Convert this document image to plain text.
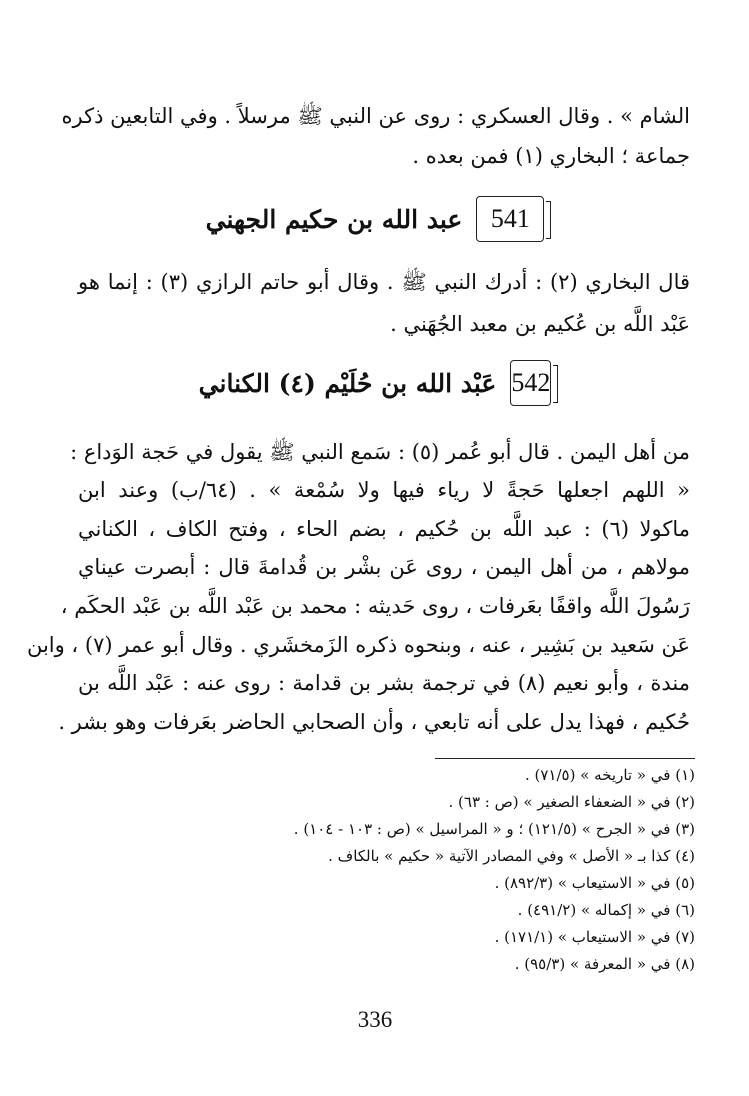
الشام » . وقال العسكري : روى عن النبي ﷺ مرسلاً . وفي التابعين ذكره
جماعة ؛ البخاري (١) فمن بعده .
541
عبد الله بن حكيم الجهني
قال البخاري (٢) : أدرك النبي ﷺ . وقال أبو حاتم الرازي (٣) : إنما هو
عَبْد اللَّه بن عُكيم بن معبد الجُهَني .
542
عَبْد الله بن حُلَيْم (٤) الكناني
من أهل اليمن . قال أبو عُمر (٥) : سَمع النبي ﷺ يقول في حَجة الوَداع :
« اللهم اجعلها حَجةً لا رياء فيها ولا سُمْعة » . (٦٤/ب) وعند ابن
ماكولا (٦) : عبد اللَّه بن حُكيم ، بضم الحاء ، وفتح الكاف ، الكناني
مولاهم ، من أهل اليمن ، روى عَن بشْر بن قُدامةَ قال : أبصرت عيناي
رَسُولَ اللَّه واقفًا بعَرفات ، روى حَديثه : محمد بن عَبْد اللَّه بن عَبْد الحكَم ،
عَن سَعيد بن بَشِير ، عنه ، وبنحوه ذكره الزَمخشَري . وقال أبو عمر (٧) ، وابن
مندة ، وأبو نعيم (٨) في ترجمة بشر بن قدامة : روى عنه : عَبْد اللَّه بن
حُكيم ، فهذا يدل على أنه تابعي ، وأن الصحابي الحاضر بعَرفات وهو بشر .
(١) في « تاريخه » (٧١/٥) .
(٢) في « الضعفاء الصغير » (ص : ٦٣) .
(٣) في « الجرح » (١٢١/٥) ؛ و « المراسيل » (ص : ١٠٣ - ١٠٤) .
(٤) كذا بـ « الأصل » وفي المصادر الآتية « حكيم » بالكاف .
(٥) في « الاستيعاب » (٨٩٢/٣) .
(٦) في « إكماله » (٤٩١/٢) .
(٧) في « الاستيعاب » (١٧١/١) .
(٨) في « المعرفة » (٩٥/٣) .
336
